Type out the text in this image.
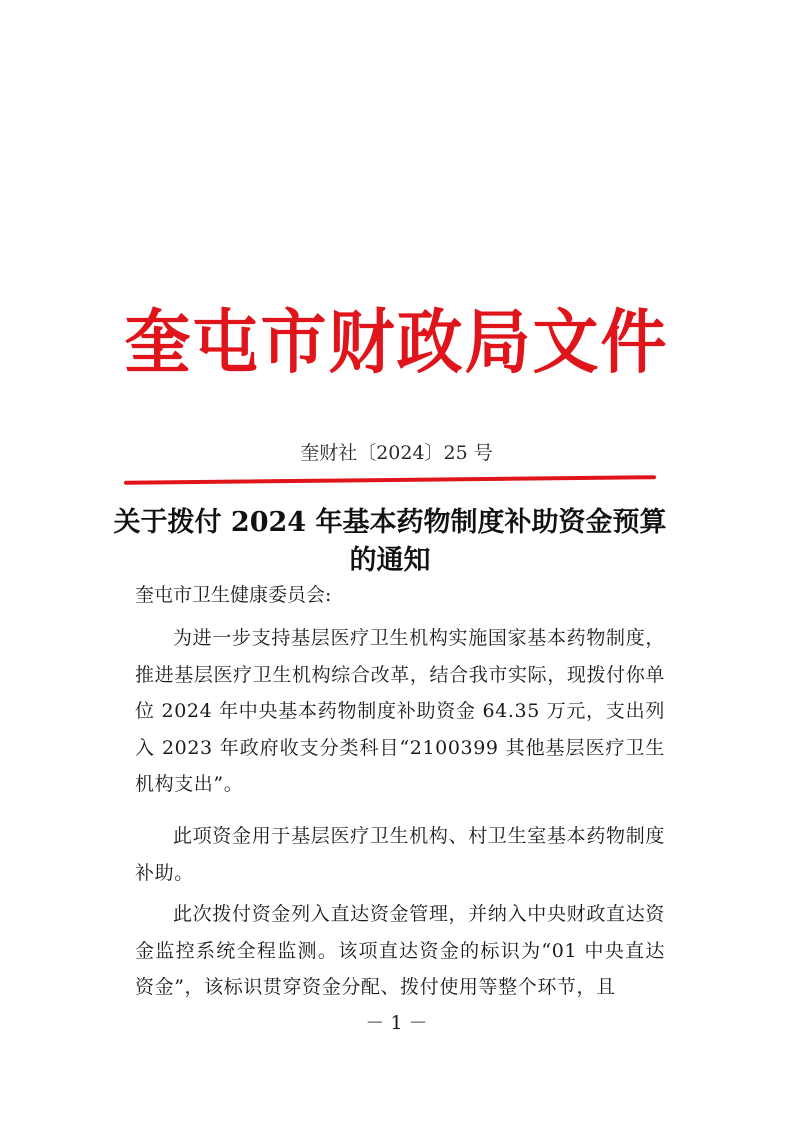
奎屯市财政局文件
奎财社〔2024〕25 号
关于拨付 2024 年基本药物制度补助资金预算的通知
奎屯市卫生健康委员会:
为进一步支持基层医疗卫生机构实施国家基本药物制度，推进基层医疗卫生机构综合改革，结合我市实际，现拨付你单位 2024 年中央基本药物制度补助资金 64.35 万元，支出列入 2023 年政府收支分类科目“2100399 其他基层医疗卫生机构支出”。
此项资金用于基层医疗卫生机构、村卫生室基本药物制度补助。
此次拨付资金列入直达资金管理，并纳入中央财政直达资金监控系统全程监测。该项直达资金的标识为“01 中央直达资金”，该标识贯穿资金分配、拨付使用等整个环节，且
－ 1 －
